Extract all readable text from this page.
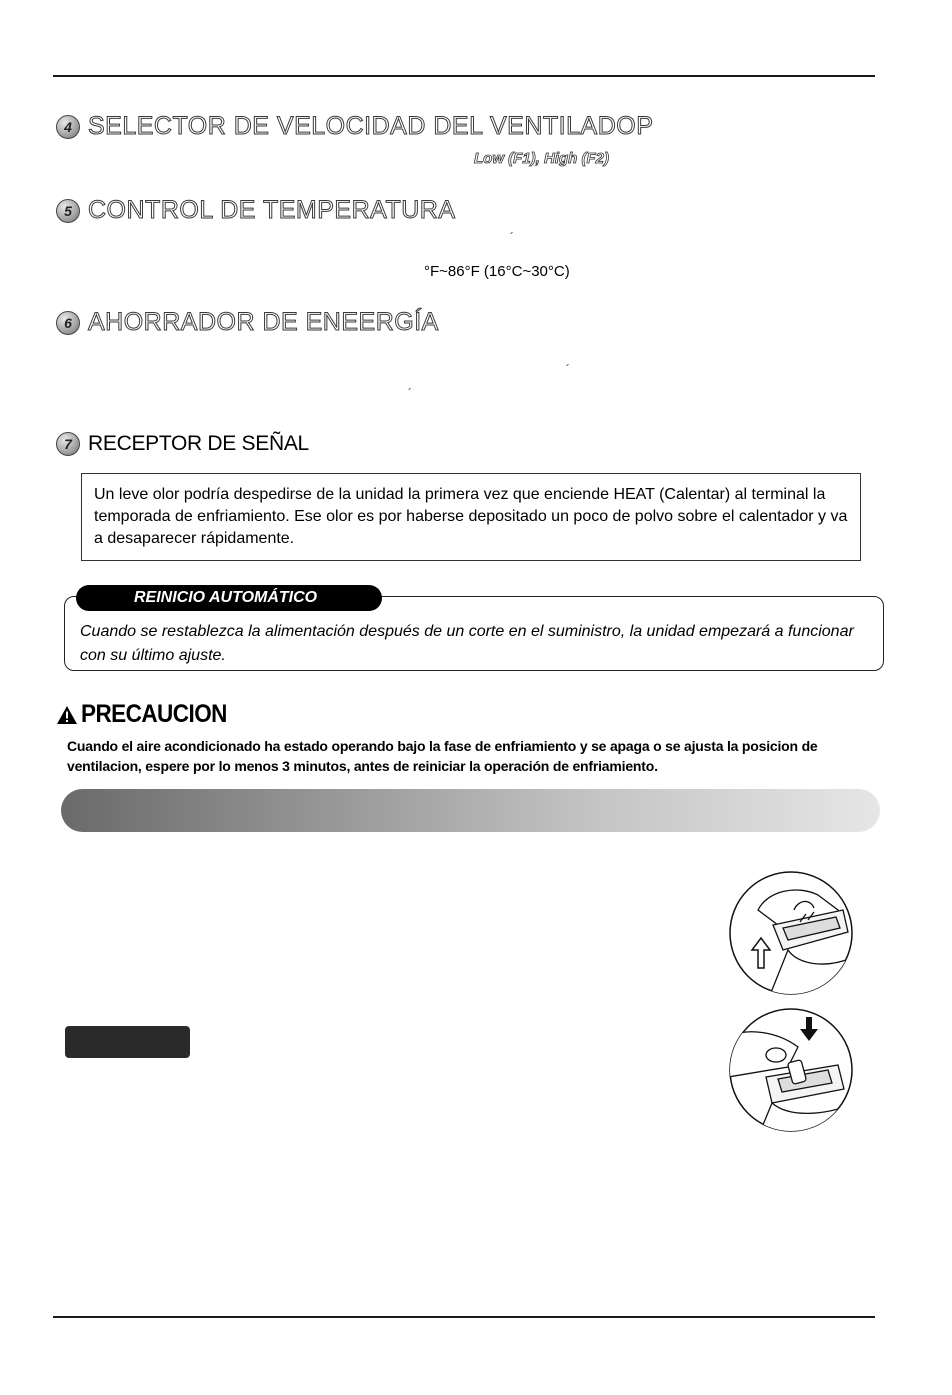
4 SELECTOR DE VELOCIDAD DEL VENTILADOP
Low (F1), High (F2)
5 CONTROL DE TEMPERATURA
´
°F~86°F (16°C~30°C)
6 AHORRADOR DE ENEERGÍA
´
´
7 RECEPTOR DE SEÑAL

Un leve olor podría despedirse de la unidad la primera vez que enciende HEAT (Calentar) al terminal la temporada de enfriamiento. Ese olor es por haberse depositado un poco de polvo sobre el calentador y va a desaparecer rápidamente.

REINICIO AUTOMÁTICO
Cuando se restablezca la alimentación después de un corte en el suministro, la unidad empezará a funcionar con su último ajuste.
PRECAUCION
Cuando el aire acondicionado ha estado operando bajo la fase de enfriamiento y se apaga o se ajusta la posicion de ventilacion, espere por lo menos 3 minutos, antes de reiniciar la operación de enfriamiento.
